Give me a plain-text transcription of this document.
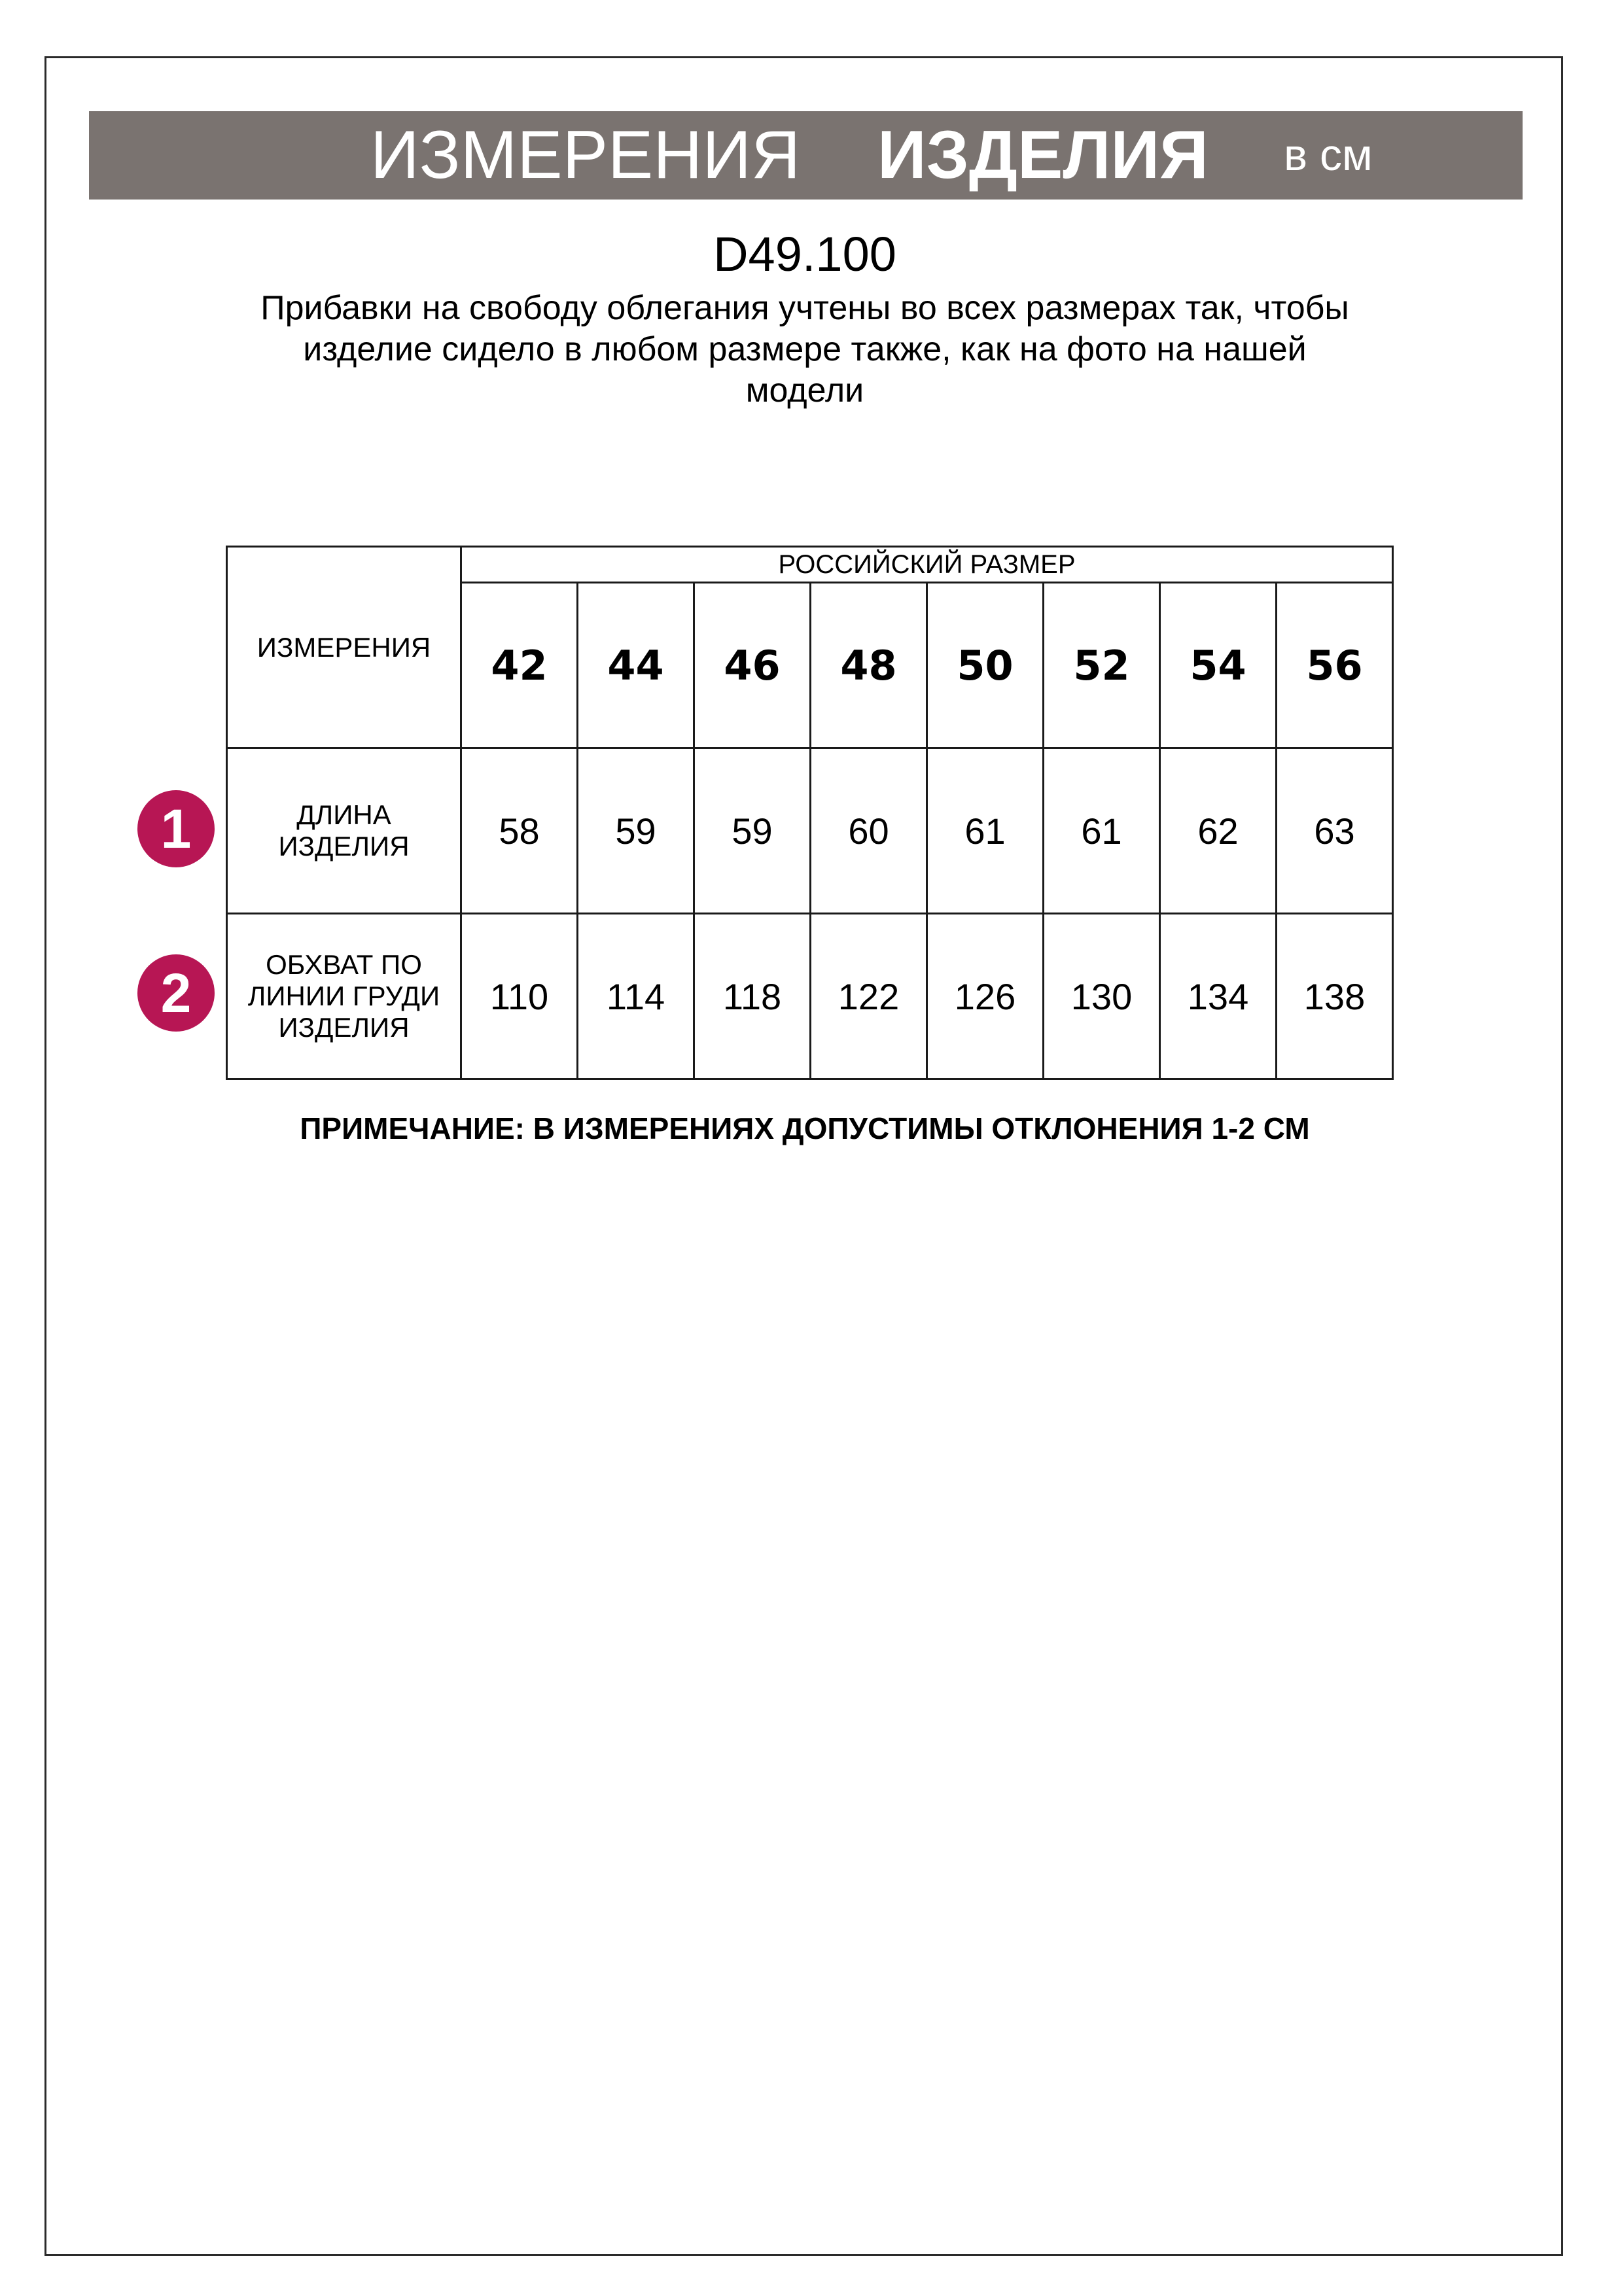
ИЗМЕРЕНИЯ ИЗДЕЛИЯ в см
D49.100
Прибавки на свободу облегания учтены во всех размерах так, чтобы
изделие сидело в любом размере также, как на фото на нашей
модели
ИЗМЕРЕНИЯ	РОССИЙСКИЙ РАЗМЕР							
	42	44	46	48	50	52	54	56

ДЛИНА
ИЗДЕЛИЯ	58	59	59	60	61	61	62	63

ОБХВАТ ПО
ЛИНИИ ГРУДИ
ИЗДЕЛИЯ	110	114	118	122	126	130	134	138
1
2
ПРИМЕЧАНИЕ: В ИЗМЕРЕНИЯХ ДОПУСТИМЫ ОТКЛОНЕНИЯ 1-2 СМ
